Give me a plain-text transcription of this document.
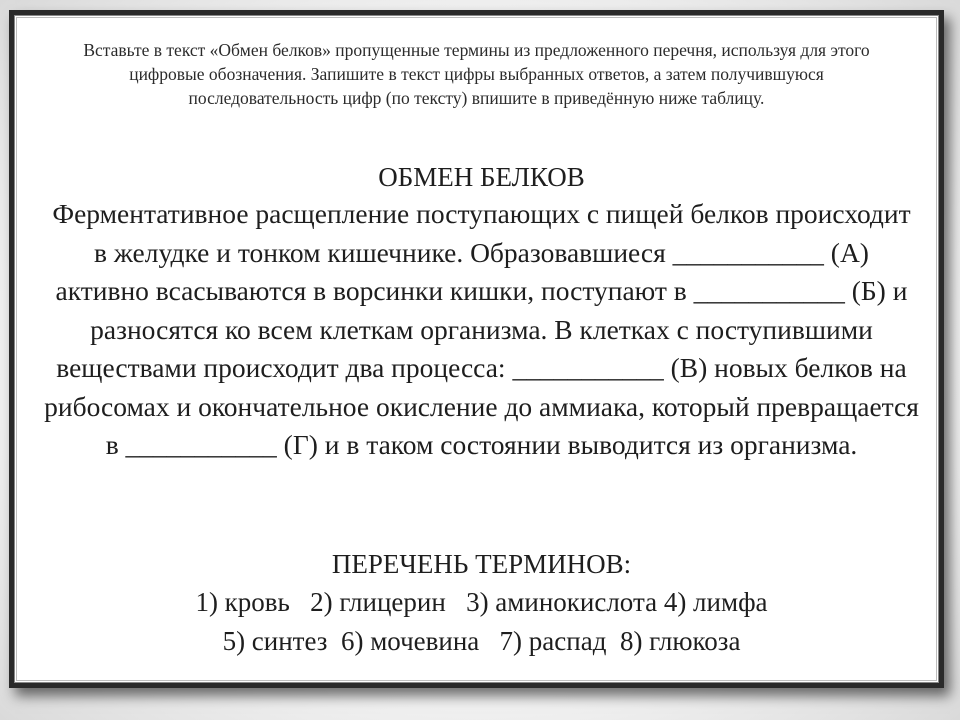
Вставьте в текст «Обмен белков» пропущенные термины из предложенного перечня, используя для этого цифровые обозначения. Запишите в текст цифры выбранных ответов, а затем получившуюся последовательность цифр (по тексту) впишите в приведённую ниже таблицу.

ОБМЕН БЕЛКОВ

Ферментативное расщепление поступающих с пищей белков происходит в желудке и тонком кишечнике. Образовавшиеся ___________ (А) активно всасываются в ворсинки кишки, поступают в ___________ (Б) и разносятся ко всем клеткам организма. В клетках с поступившими веществами происходит два процесса: ___________ (В) новых белков на рибосомах и окончательное окисление до аммиака, который превращается в ___________ (Г) и в таком состоянии выводится из организма.

ПЕРЕЧЕНЬ ТЕРМИНОВ:

1) кровь 2) глицерин 3) аминокислота 4) лимфа

5) синтез 6) мочевина 7) распад 8) глюкоза
